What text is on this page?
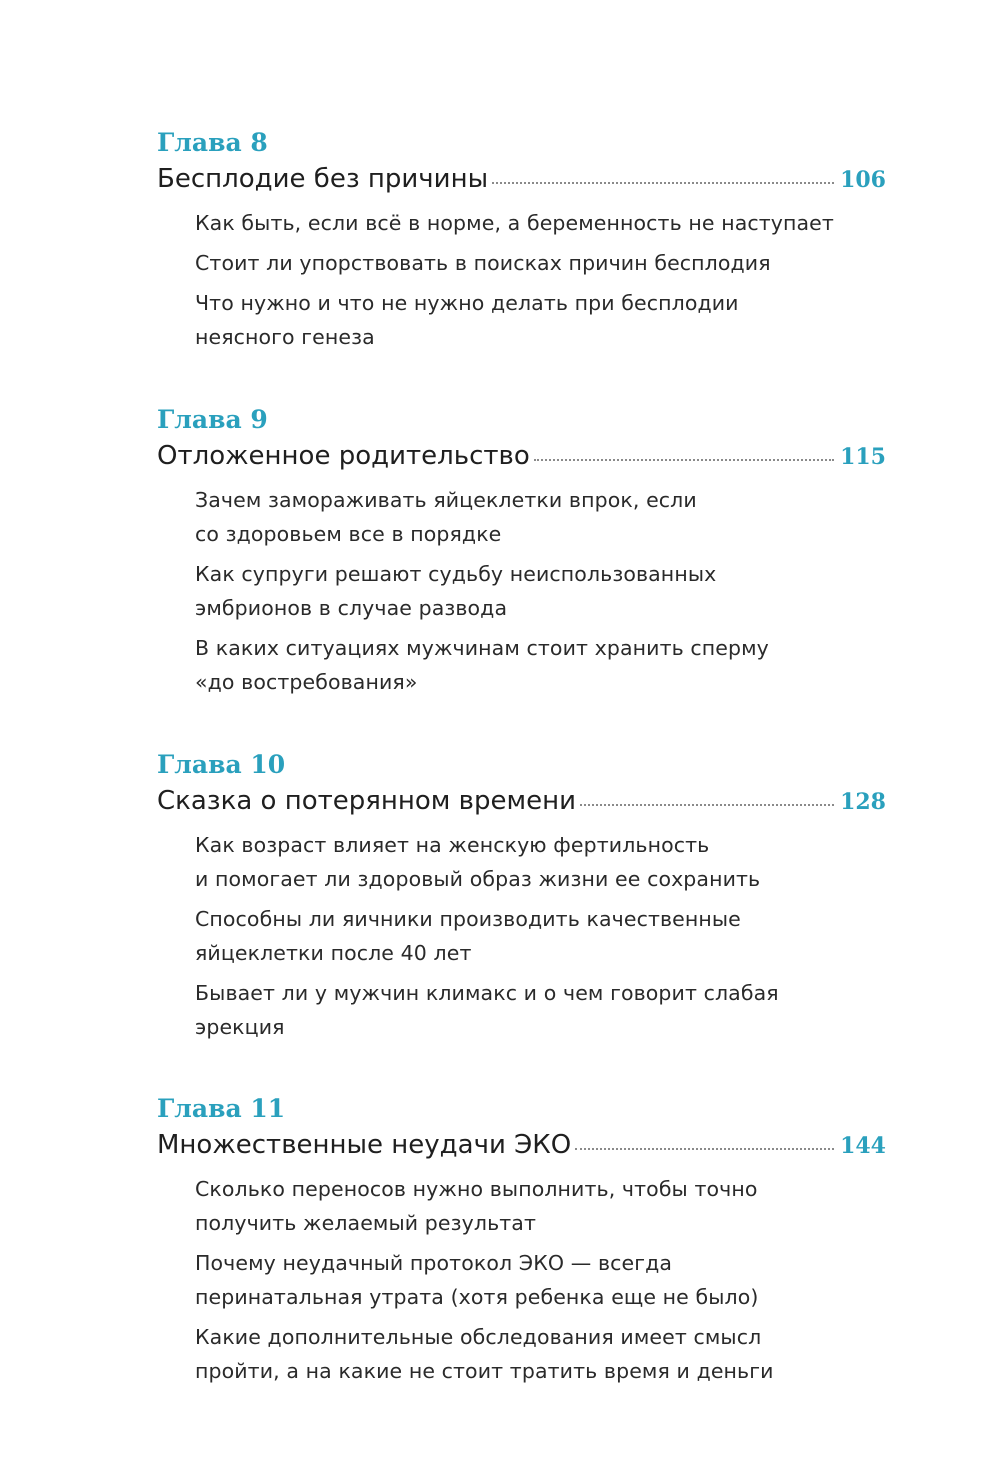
Глава 8
Бесплодие без причины	106
Как быть, если всё в норме, а беременность не наступает
Стоит ли упорствовать в поисках причин бесплодия
Что нужно и что не нужно делать при бесплодии
неясного генеза
Глава 9
Отложенное родительство	115
Зачем замораживать яйцеклетки впрок, если
со здоровьем все в порядке
Как супруги решают судьбу неиспользованных
эмбрионов в случае развода
В каких ситуациях мужчинам стоит хранить сперму
«до востребования»
Глава 10
Сказка о потерянном времени	128
Как возраст влияет на женскую фертильность
и помогает ли здоровый образ жизни ее сохранить
Способны ли яичники производить качественные
яйцеклетки после 40 лет
Бывает ли у мужчин климакс и о чем говорит слабая
эрекция
Глава 11
Множественные неудачи ЭКО	144
Сколько переносов нужно выполнить, чтобы точно
получить желаемый результат
Почему неудачный протокол ЭКО — всегда
перинатальная утрата (хотя ребенка еще не было)
Какие дополнительные обследования имеет смысл
пройти, а на какие не стоит тратить время и деньги
